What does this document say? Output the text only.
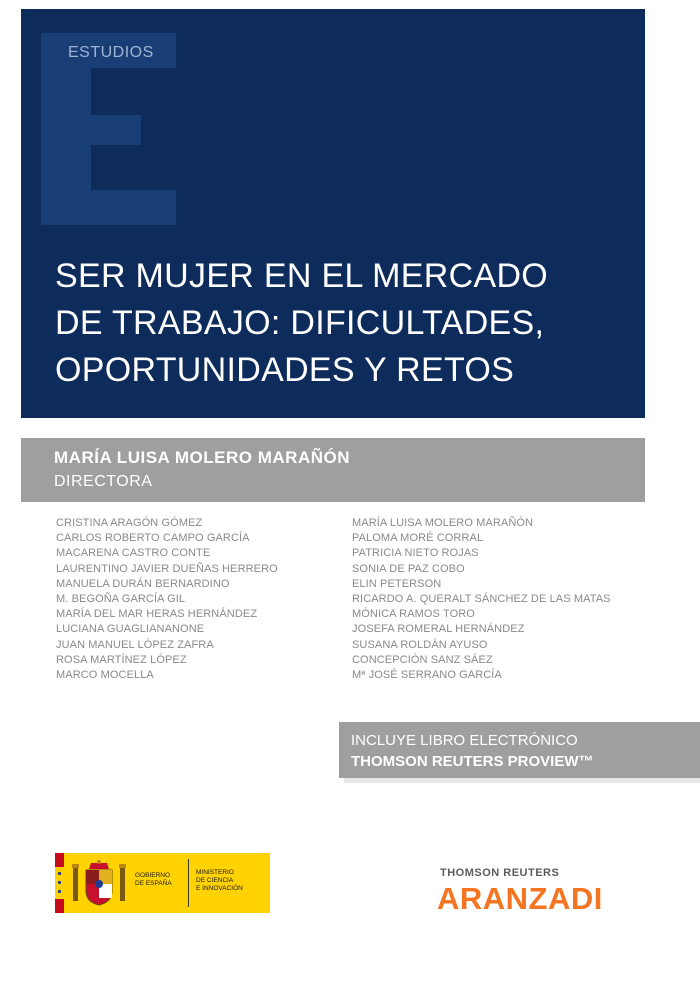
ESTUDIOS
SER MUJER EN EL MERCADO
DE TRABAJO: DIFICULTADES,
OPORTUNIDADES Y RETOS
MARÍA LUISA MOLERO MARAÑÓN
DIRECTORA
CRISTINA ARAGÓN GÓMEZ
CARLOS ROBERTO CAMPO GARCÍA
MACARENA CASTRO CONTE
LAURENTINO JAVIER DUEÑAS HERRERO
MANUELA DURÁN BERNARDINO
M. BEGOÑA GARCÍA GIL
MARÍA DEL MAR HERAS HERNÁNDEZ
LUCIANA GUAGLIANANONE
JUAN MANUEL LÓPEZ ZAFRA
ROSA MARTÍNEZ LÓPEZ
MARCO MOCELLA
MARÍA LUISA MOLERO MARAÑÓN
PALOMA MORÉ CORRAL
PATRICIA NIETO ROJAS
SONIA DE PAZ COBO
ELIN PETERSON
RICARDO A. QUERALT SÁNCHEZ DE LAS MATAS
MÓNICA RAMOS TORO
JOSEFA ROMERAL HERNÁNDEZ
SUSANA ROLDÁN AYUSO
CONCEPCIÓN SANZ SÁEZ
Mª JOSÉ SERRANO GARCÍA
INCLUYE LIBRO ELECTRÓNICO
THOMSON REUTERS PROVIEW™
GOBIERNO
DE ESPAÑA
MINISTERIO
DE CIENCIA
E INNOVACIÓN
THOMSON REUTERS
ARANZADI
